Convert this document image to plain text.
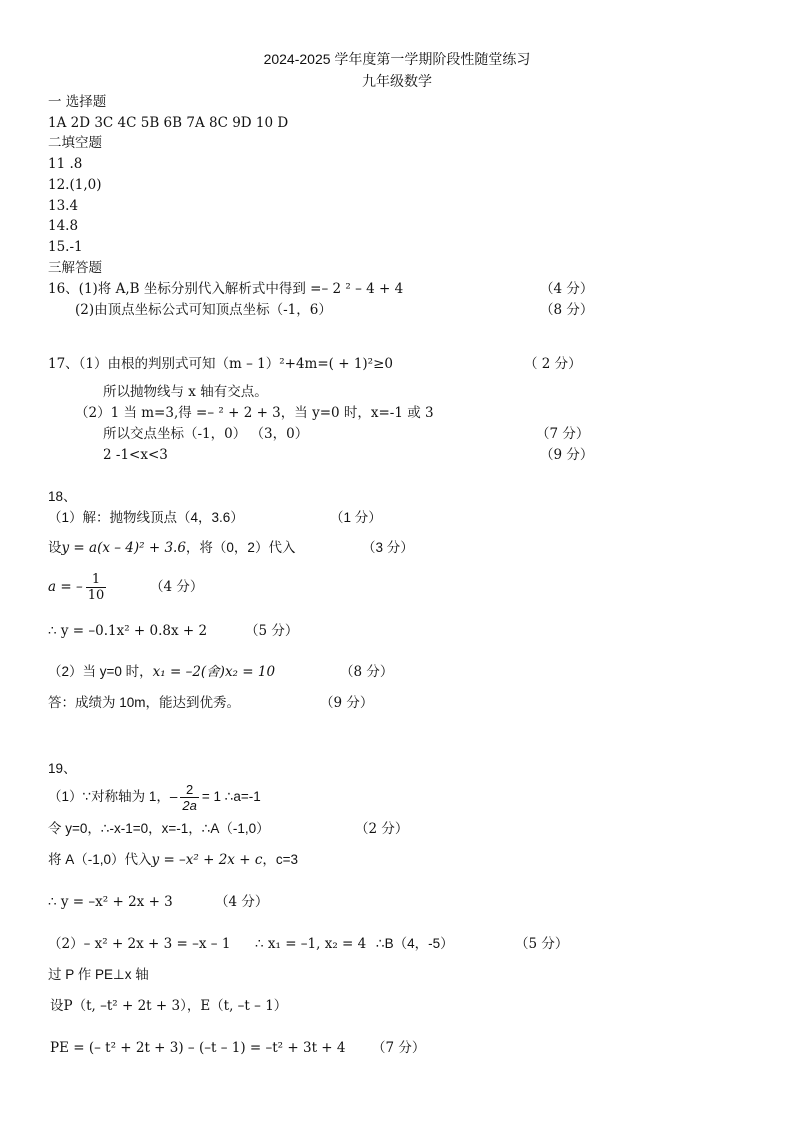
2024-2025 学年度第一学期阶段性随堂练习
九年级数学
一 选择题
1A 2D 3C 4C 5B 6B 7A 8C 9D 10 D
二填空题
11 .8
12.(1,0)
13.4
14.8
15.-1
三解答题
16、(1)将 A,B 坐标分别代入解析式中得到 =– 2 ² – 4 + 4	（4 分）
(2)由顶点坐标公式可知顶点坐标（-1，6）	（8 分）
17、（1）由根的判别式可知（m – 1）²+4m=( + 1)²≥0	（ 2 分）
所以抛物线与 x 轴有交点。
（2）1 当 m=3,得 =– ² + 2 + 3，当 y=0 时，x=-1 或 3
所以交点坐标（-1，0） （3，0）	（7 分）
2 -1<x<3	（9 分）
18、
（1）解：抛物线顶点（4，3.6）	（1 分）
设y = a(x – 4)² + 3.6，将（0，2）代入	（3 分）
a = – $\frac{1}{10}$	（4 分）
∴ y = –0.1x² + 0.8x + 2	（5 分）
（2）当 y=0 时，x₁ = –2(舍)x₂ = 10	（8 分）
答：成绩为 10m，能达到优秀。	（9 分）
19、
（1）∵对称轴为 1，– $\frac{2}{2a} = 1$ ∴a=-1
令 y=0，∴-x-1=0，x=-1，∴A（-1,0）	（2 分）
将 A（-1,0）代入y = –x² + 2x + c，c=3
∴ y = –x² + 2x + 3	（4 分）
（2）– x² + 2x + 3 = –x – 1 ∴ x₁ = –1, x₂ = 4 ∴B（4，-5）	（5 分）
过 P 作 PE⊥x 轴
设P（t, –t² + 2t + 3），E（t, –t – 1）
PE = (– t² + 2t + 3) – (–t – 1) = –t² + 3t + 4 （7 分）
